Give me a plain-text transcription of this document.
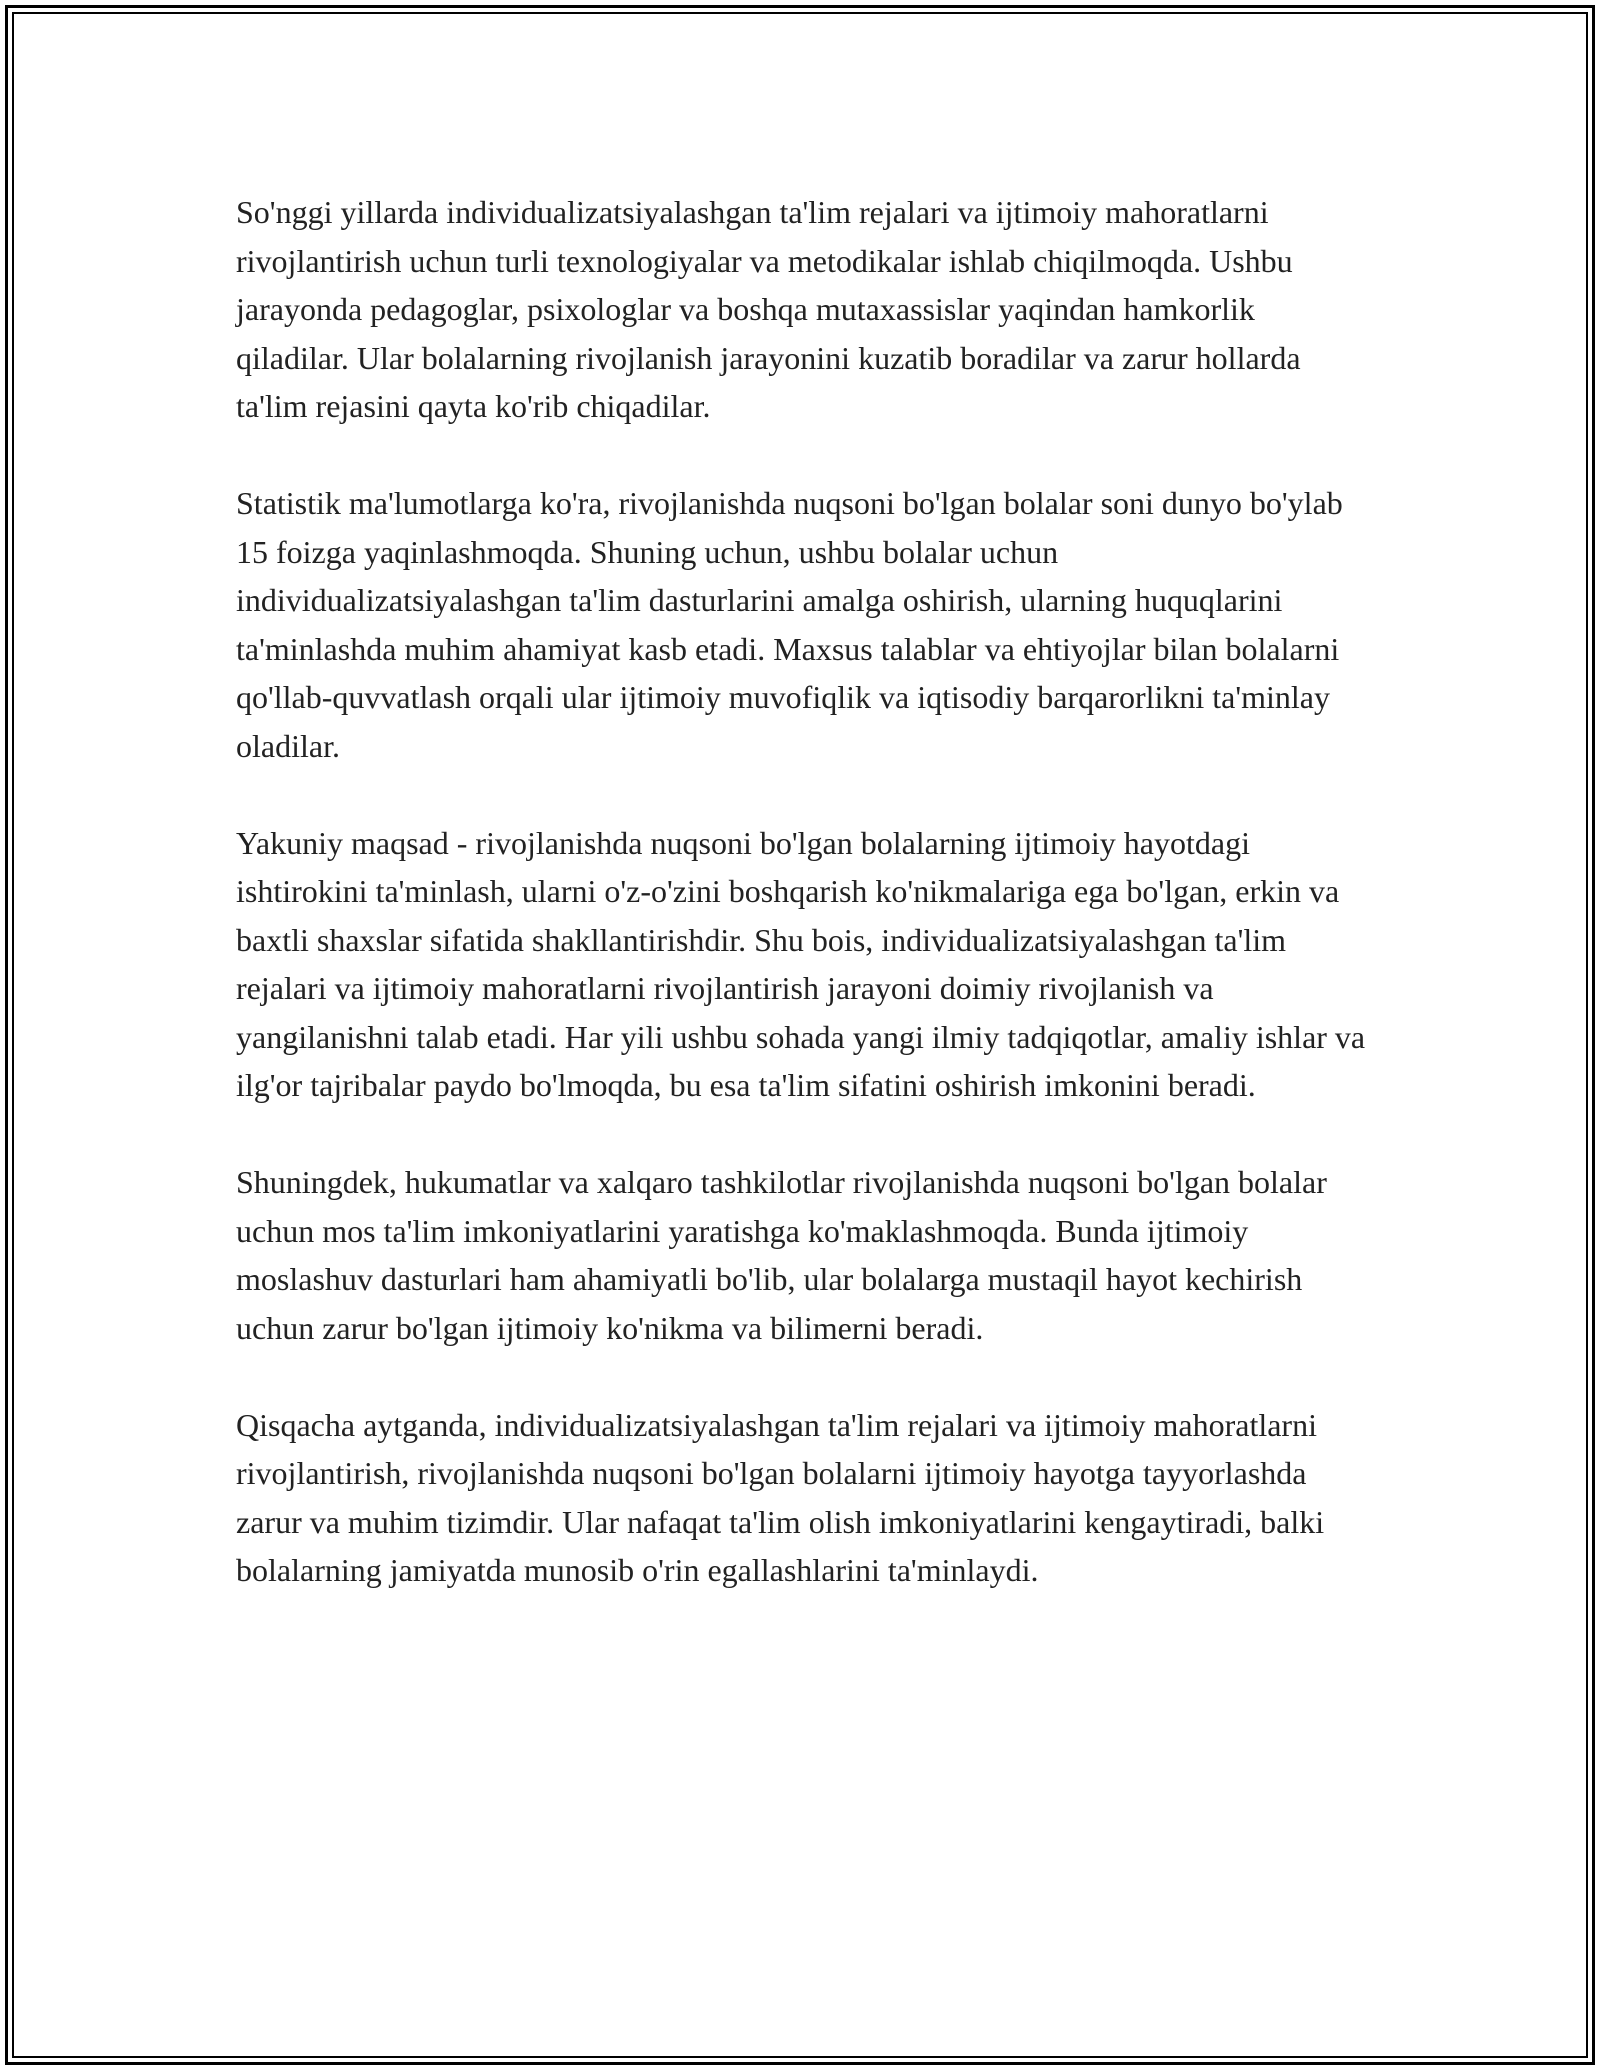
So'nggi yillarda individualizatsiyalashgan ta'lim rejalari va ijtimoiy mahoratlarni rivojlantirish uchun turli texnologiyalar va metodikalar ishlab chiqilmoqda. Ushbu jarayonda pedagoglar, psixologlar va boshqa mutaxassislar yaqindan hamkorlik qiladilar. Ular bolalarning rivojlanish jarayonini kuzatib boradilar va zarur hollarda ta'lim rejasini qayta ko'rib chiqadilar.

Statistik ma'lumotlarga ko'ra, rivojlanishda nuqsoni bo'lgan bolalar soni dunyo bo'ylab 15 foizga yaqinlashmoqda. Shuning uchun, ushbu bolalar uchun individualizatsiyalashgan ta'lim dasturlarini amalga oshirish, ularning huquqlarini ta'minlashda muhim ahamiyat kasb etadi. Maxsus talablar va ehtiyojlar bilan bolalarni qo'llab-quvvatlash orqali ular ijtimoiy muvofiqlik va iqtisodiy barqarorlikni ta'minlay oladilar.

Yakuniy maqsad - rivojlanishda nuqsoni bo'lgan bolalarning ijtimoiy hayotdagi ishtirokini ta'minlash, ularni o'z-o'zini boshqarish ko'nikmalariga ega bo'lgan, erkin va baxtli shaxslar sifatida shakllantirishdir. Shu bois, individualizatsiyalashgan ta'lim rejalari va ijtimoiy mahoratlarni rivojlantirish jarayoni doimiy rivojlanish va yangilanishni talab etadi. Har yili ushbu sohada yangi ilmiy tadqiqotlar, amaliy ishlar va ilg'or tajribalar paydo bo'lmoqda, bu esa ta'lim sifatini oshirish imkonini beradi.

Shuningdek, hukumatlar va xalqaro tashkilotlar rivojlanishda nuqsoni bo'lgan bolalar uchun mos ta'lim imkoniyatlarini yaratishga ko'maklashmoqda. Bunda ijtimoiy moslashuv dasturlari ham ahamiyatli bo'lib, ular bolalarga mustaqil hayot kechirish uchun zarur bo'lgan ijtimoiy ko'nikma va bilimerni beradi.

Qisqacha aytganda, individualizatsiyalashgan ta'lim rejalari va ijtimoiy mahoratlarni rivojlantirish, rivojlanishda nuqsoni bo'lgan bolalarni ijtimoiy hayotga tayyorlashda zarur va muhim tizimdir. Ular nafaqat ta'lim olish imkoniyatlarini kengaytiradi, balki bolalarning jamiyatda munosib o'rin egallashlarini ta'minlaydi.
